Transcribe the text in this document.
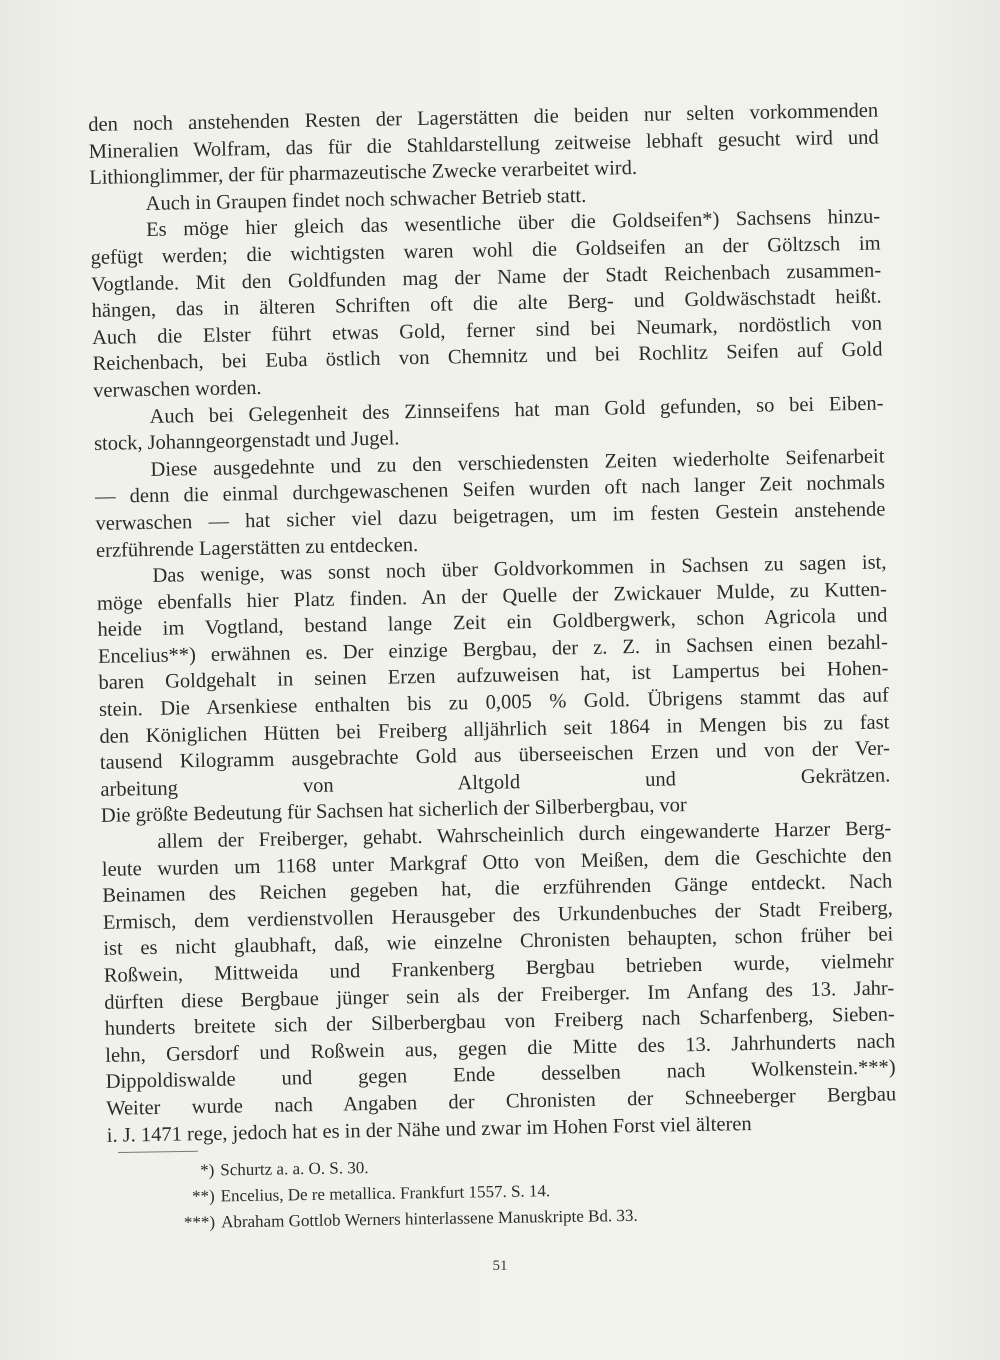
den noch anstehenden Resten der Lagerstätten die beiden nur selten vorkommenden
Mineralien Wolfram, das für die Stahldarstellung zeitweise lebhaft gesucht wird und
Lithionglimmer, der für pharmazeutische Zwecke verarbeitet wird.
Auch in Graupen findet noch schwacher Betrieb statt.
Es möge hier gleich das wesentliche über die Goldseifen*) Sachsens hinzu-
gefügt werden; die wichtigsten waren wohl die Goldseifen an der Göltzsch im
Vogtlande. Mit den Goldfunden mag der Name der Stadt Reichenbach zusammen-
hängen, das in älteren Schriften oft die alte Berg- und Goldwäschstadt heißt.
Auch die Elster führt etwas Gold, ferner sind bei Neumark, nordöstlich von
Reichenbach, bei Euba östlich von Chemnitz und bei Rochlitz Seifen auf Gold
verwaschen worden.
Auch bei Gelegenheit des Zinnseifens hat man Gold gefunden, so bei Eiben-
stock, Johanngeorgenstadt und Jugel.
Diese ausgedehnte und zu den verschiedensten Zeiten wiederholte Seifenarbeit
— denn die einmal durchgewaschenen Seifen wurden oft nach langer Zeit nochmals
verwaschen — hat sicher viel dazu beigetragen, um im festen Gestein anstehende
erzführende Lagerstätten zu entdecken.
Das wenige, was sonst noch über Goldvorkommen in Sachsen zu sagen ist,
möge ebenfalls hier Platz finden. An der Quelle der Zwickauer Mulde, zu Kutten-
heide im Vogtland, bestand lange Zeit ein Goldbergwerk, schon Agricola und
Encelius**) erwähnen es. Der einzige Bergbau, der z. Z. in Sachsen einen bezahl-
baren Goldgehalt in seinen Erzen aufzuweisen hat, ist Lampertus bei Hohen-
stein. Die Arsenkiese enthalten bis zu 0,005 % Gold. Übrigens stammt das auf
den Königlichen Hütten bei Freiberg alljährlich seit 1864 in Mengen bis zu fast
tausend Kilogramm ausgebrachte Gold aus überseeischen Erzen und von der Ver-
arbeitung von Altgold und Gekrätzen.
Die größte Bedeutung für Sachsen hat sicherlich der Silberbergbau, vor
allem der Freiberger, gehabt. Wahrscheinlich durch eingewanderte Harzer Berg-
leute wurden um 1168 unter Markgraf Otto von Meißen, dem die Geschichte den
Beinamen des Reichen gegeben hat, die erzführenden Gänge entdeckt. Nach
Ermisch, dem verdienstvollen Herausgeber des Urkundenbuches der Stadt Freiberg,
ist es nicht glaubhaft, daß, wie einzelne Chronisten behaupten, schon früher bei
Roßwein, Mittweida und Frankenberg Bergbau betrieben wurde, vielmehr
dürften diese Bergbaue jünger sein als der Freiberger. Im Anfang des 13. Jahr-
hunderts breitete sich der Silberbergbau von Freiberg nach Scharfenberg, Sieben-
lehn, Gersdorf und Roßwein aus, gegen die Mitte des 13. Jahrhunderts nach
Dippoldiswalde und gegen Ende desselben nach Wolkenstein.***)
Weiter wurde nach Angaben der Chronisten der Schneeberger Bergbau
i. J. 1471 rege, jedoch hat es in der Nähe und zwar im Hohen Forst viel älteren
*) Schurtz a. a. O. S. 30.
**) Encelius, De re metallica. Frankfurt 1557. S. 14.
***) Abraham Gottlob Werners hinterlassene Manuskripte Bd. 33.
51
